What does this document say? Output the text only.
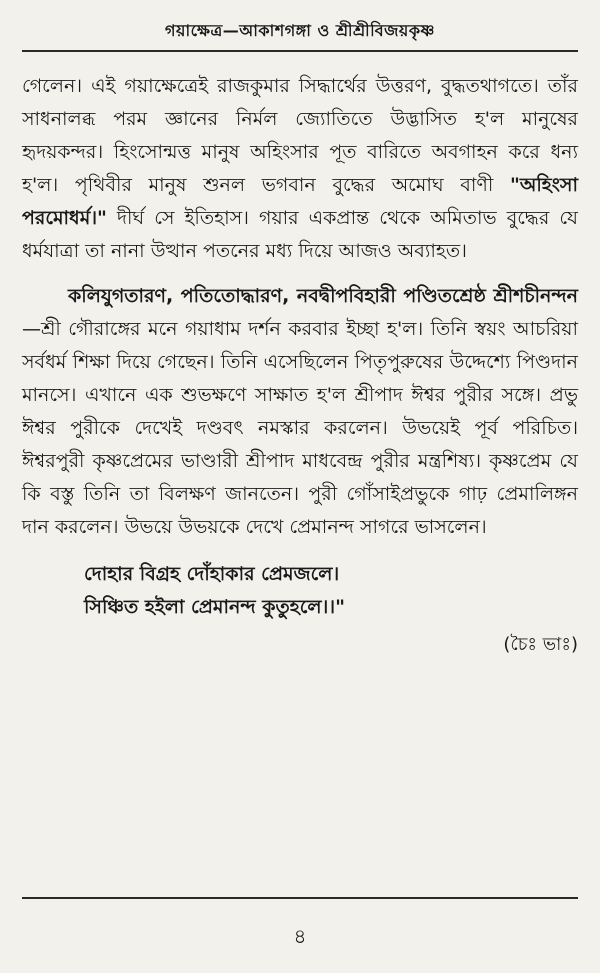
গয়াক্ষেত্র—আকাশগঙ্গা ও শ্রীশ্রীবিজয়কৃষ্ণ

গেলেন। এই গয়াক্ষেত্রেই রাজকুমার সিদ্ধার্থের উত্তরণ, বুদ্ধতথাগতে। তাঁর সাধনালব্ধ পরম জ্ঞানের নির্মল জ্যোতিতে উদ্ভাসিত হ'ল মানুষের হৃদয়কন্দর। হিংসোন্মত্ত মানুষ অহিংসার পূত বারিতে অবগাহন করে ধন্য হ'ল। পৃথিবীর মানুষ শুনল ভগবান বুদ্ধের অমোঘ বাণী "অহিংসা পরমোধর্ম।" দীর্ঘ সে ইতিহাস। গয়ার একপ্রান্ত থেকে অমিতাভ বুদ্ধের যে ধর্মযাত্রা তা নানা উত্থান পতনের মধ্য দিয়ে আজও অব্যাহত।

কলিযুগতারণ, পতিতোদ্ধারণ, নবদ্বীপবিহারী পণ্ডিতশ্রেষ্ঠ শ্রীশচীনন্দন—শ্রী গৌরাঙ্গের মনে গয়াধাম দর্শন করবার ইচ্ছা হ'ল। তিনি স্বয়ং আচরিয়া সর্বধর্ম শিক্ষা দিয়ে গেছেন। তিনি এসেছিলেন পিতৃপুরুষের উদ্দেশ্যে পিণ্ডদান মানসে। এখানে এক শুভক্ষণে সাক্ষাত হ'ল শ্রীপাদ ঈশ্বর পুরীর সঙ্গে। প্রভু ঈশ্বর পুরীকে দেখেই দণ্ডবৎ নমস্কার করলেন। উভয়েই পূর্ব পরিচিত। ঈশ্বরপুরী কৃষ্ণপ্রেমের ভাণ্ডারী শ্রীপাদ মাধবেন্দ্র পুরীর মন্ত্রশিষ্য। কৃষ্ণপ্রেম যে কি বস্তু তিনি তা বিলক্ষণ জানতেন। পুরী গোঁসাইপ্রভুকে গাঢ় প্রেমালিঙ্গন দান করলেন। উভয়ে উভয়কে দেখে প্রেমানন্দ সাগরে ভাসলেন।

দোহার বিগ্রহ দোঁহাকার প্রেমজলে।
সিঞ্চিত হইলা প্রেমানন্দ কুতুহলে।।"
(চৈঃ ভাঃ)
৪
